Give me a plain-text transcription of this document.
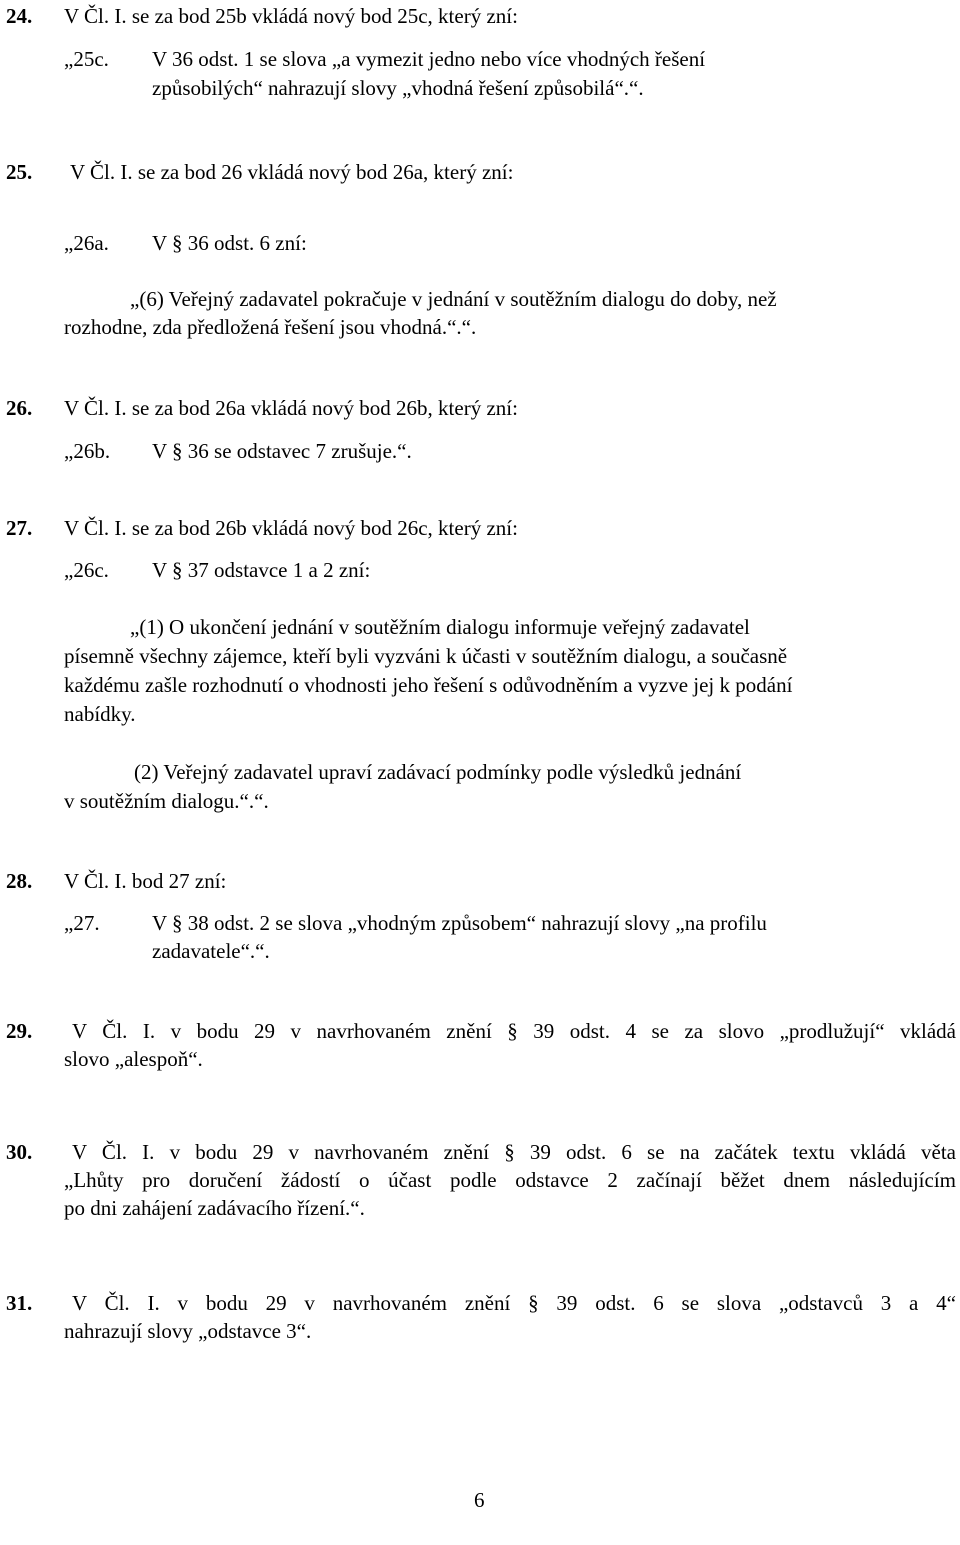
24. V Čl. I. se za bod 25b vkládá nový bod 25c, který zní:
„25c. V 36 odst. 1 se slova „a vymezit jedno nebo více vhodných řešení
způsobilých“ nahrazují slovy „vhodná řešení způsobilá“.“.
25. V Čl. I. se za bod 26 vkládá nový bod 26a, který zní:
„26a. V § 36 odst. 6 zní:
„(6) Veřejný zadavatel pokračuje v jednání v soutěžním dialogu do doby, než
rozhodne, zda předložená řešení jsou vhodná.“.“.
26. V Čl. I. se za bod 26a vkládá nový bod 26b, který zní:
„26b. V § 36 se odstavec 7 zrušuje.“.
27. V Čl. I. se za bod 26b vkládá nový bod 26c, který zní:
„26c. V § 37 odstavce 1 a 2 zní:
„(1) O ukončení jednání v soutěžním dialogu informuje veřejný zadavatel
písemně všechny zájemce, kteří byli vyzváni k účasti v soutěžním dialogu, a současně
každému zašle rozhodnutí o vhodnosti jeho řešení s odůvodněním a vyzve jej k podání
nabídky.
(2) Veřejný zadavatel upraví zadávací podmínky podle výsledků jednání
v soutěžním dialogu.“.“.
28. V Čl. I. bod 27 zní:
„27. V § 38 odst. 2 se slova „vhodným způsobem“ nahrazují slovy „na profilu
zadavatele“.“.
29. V Čl. I. v bodu 29 v navrhovaném znění § 39 odst. 4 se za slovo „prodlužují“ vkládá
slovo „alespoň“.
30. V Čl. I. v bodu 29 v navrhovaném znění § 39 odst. 6 se na začátek textu vkládá věta
„Lhůty pro doručení žádostí o účast podle odstavce 2 začínají běžet dnem následujícím
po dni zahájení zadávacího řízení.“.
31. V Čl. I. v bodu 29 v navrhovaném znění § 39 odst. 6 se slova „odstavců 3 a 4“
nahrazují slovy „odstavce 3“.
6
